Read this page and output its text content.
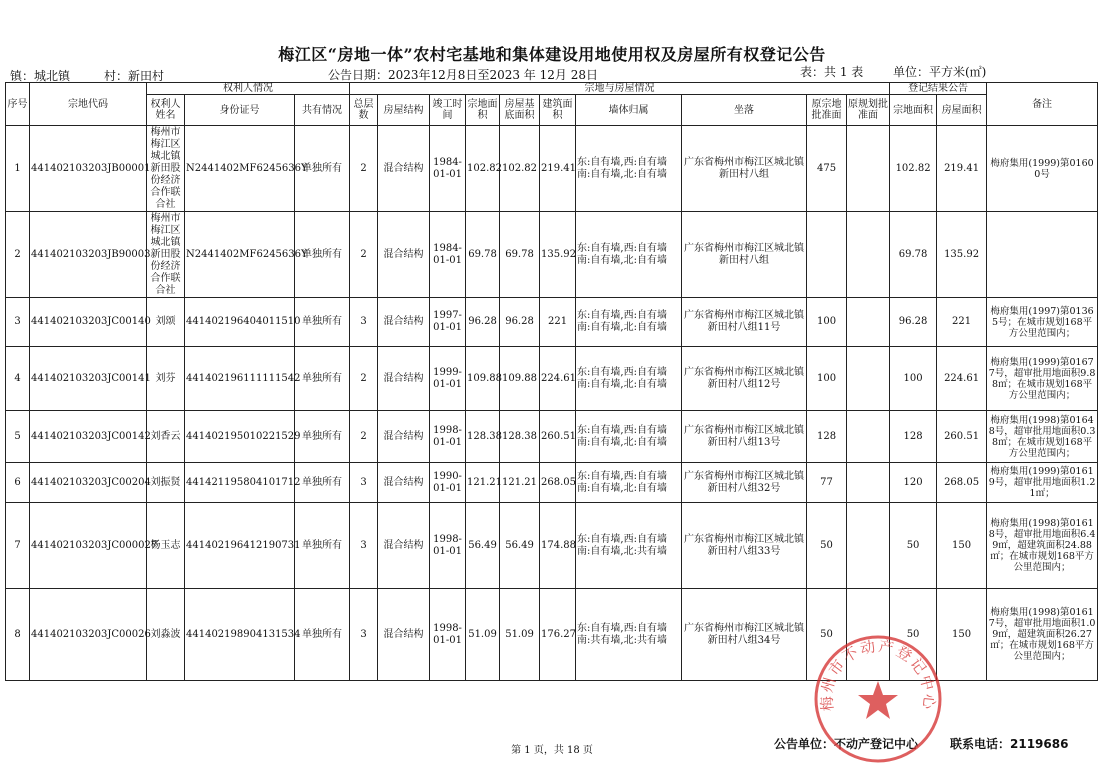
梅江区“房地一体”农村宅基地和集体建设用地使用权及房屋所有权登记公告
镇：城北镇	村：新田村	公告日期：2023年12月8日至2023 年 12月 28日	表：共 1 表 单位：平方米(㎡)
序号	宗地代码	权利人情况			宗地与房屋情况										登记结果公告		备注
		权利人姓名	身份证号	共有情况	总层数	房屋结构	竣工时间	宗地面积	房屋基底面积	建筑面积	墙体归属	坐落	原宗地批准面	原规划批准面	宗地面积	房屋面积	
1	441402103203JB00001	梅州市梅江区城北镇新田股份经济合作联合社	N2441402MF6245636Y	单独所有	2	混合结构	1984-01-01	102.82	102.82	219.41	东:自有墙,西:自有墙南:自有墙,北:自有墙	广东省梅州市梅江区城北镇新田村八组	475		102.82	219.41	梅府集用(1999)第01600号
2	441402103203JB90003	梅州市梅江区城北镇新田股份经济合作联合社	N2441402MF6245636Y	单独所有	2	混合结构	1984-01-01	69.78	69.78	135.92	东:自有墙,西:自有墙南:自有墙,北:自有墙	广东省梅州市梅江区城北镇新田村八组			69.78	135.92	
3	441402103203JC00140	刘颂	441402196404011510	单独所有	3	混合结构	1997-01-01	96.28	96.28	221	东:自有墙,西:自有墙南:自有墙,北:自有墙	广东省梅州市梅江区城北镇新田村八组11号	100		96.28	221	梅府集用(1997)第01365号；在城市规划168平方公里范围内；
4	441402103203JC00141	刘芬	441402196111111542	单独所有	2	混合结构	1999-01-01	109.88	109.88	224.61	东:自有墙,西:自有墙南:自有墙,北:自有墙	广东省梅州市梅江区城北镇新田村八组12号	100		100	224.61	梅府集用(1999)第01677号，超审批用地面积9.88㎡；在城市规划168平方公里范围内；
5	441402103203JC00142	刘香云	441402195010221529	单独所有	2	混合结构	1998-01-01	128.38	128.38	260.51	东:自有墙,西:自有墙南:自有墙,北:自有墙	广东省梅州市梅江区城北镇新田村八组13号	128		128	260.51	梅府集用(1998)第01648号，超审批用地面积0.38㎡；在城市规划168平方公里范围内；
6	441402103203JC00204	刘振贤	441421195804101712	单独所有	3	混合结构	1990-01-01	121.21	121.21	268.05	东:自有墙,西:自有墙南:自有墙,北:自有墙	广东省梅州市梅江区城北镇新田村八组32号	77		120	268.05	梅府集用(1999)第01619号，超审批用地面积1.21㎡；
7	441402103203JC000027	杨玉志	441402196412190731	单独所有	3	混合结构	1998-01-01	56.49	56.49	174.88	东:自有墙,西:自有墙南:自有墙,北:共有墙	广东省梅州市梅江区城北镇新田村八组33号	50		50	150	梅府集用(1998)第01618号，超审批用地面积6.49㎡，超建筑面积24.88㎡；在城市规划168平方公里范围内；
8	441402103203JC00026	刘淼波	441402198904131534	单独所有	3	混合结构	1998-01-01	51.09	51.09	176.27	东:自有墙,西:自有墙南:共有墙,北:共有墙	广东省梅州市梅江区城北镇新田村八组34号	50		50	150	梅府集用(1998)第01617号，超审批用地面积1.09㎡，超建筑面积26.27㎡；在城市规划168平方公里范围内；
第 1 页，共 18 页	公告单位：不动产登记中心	联系电话：2119686
梅州市不动产登记中心
